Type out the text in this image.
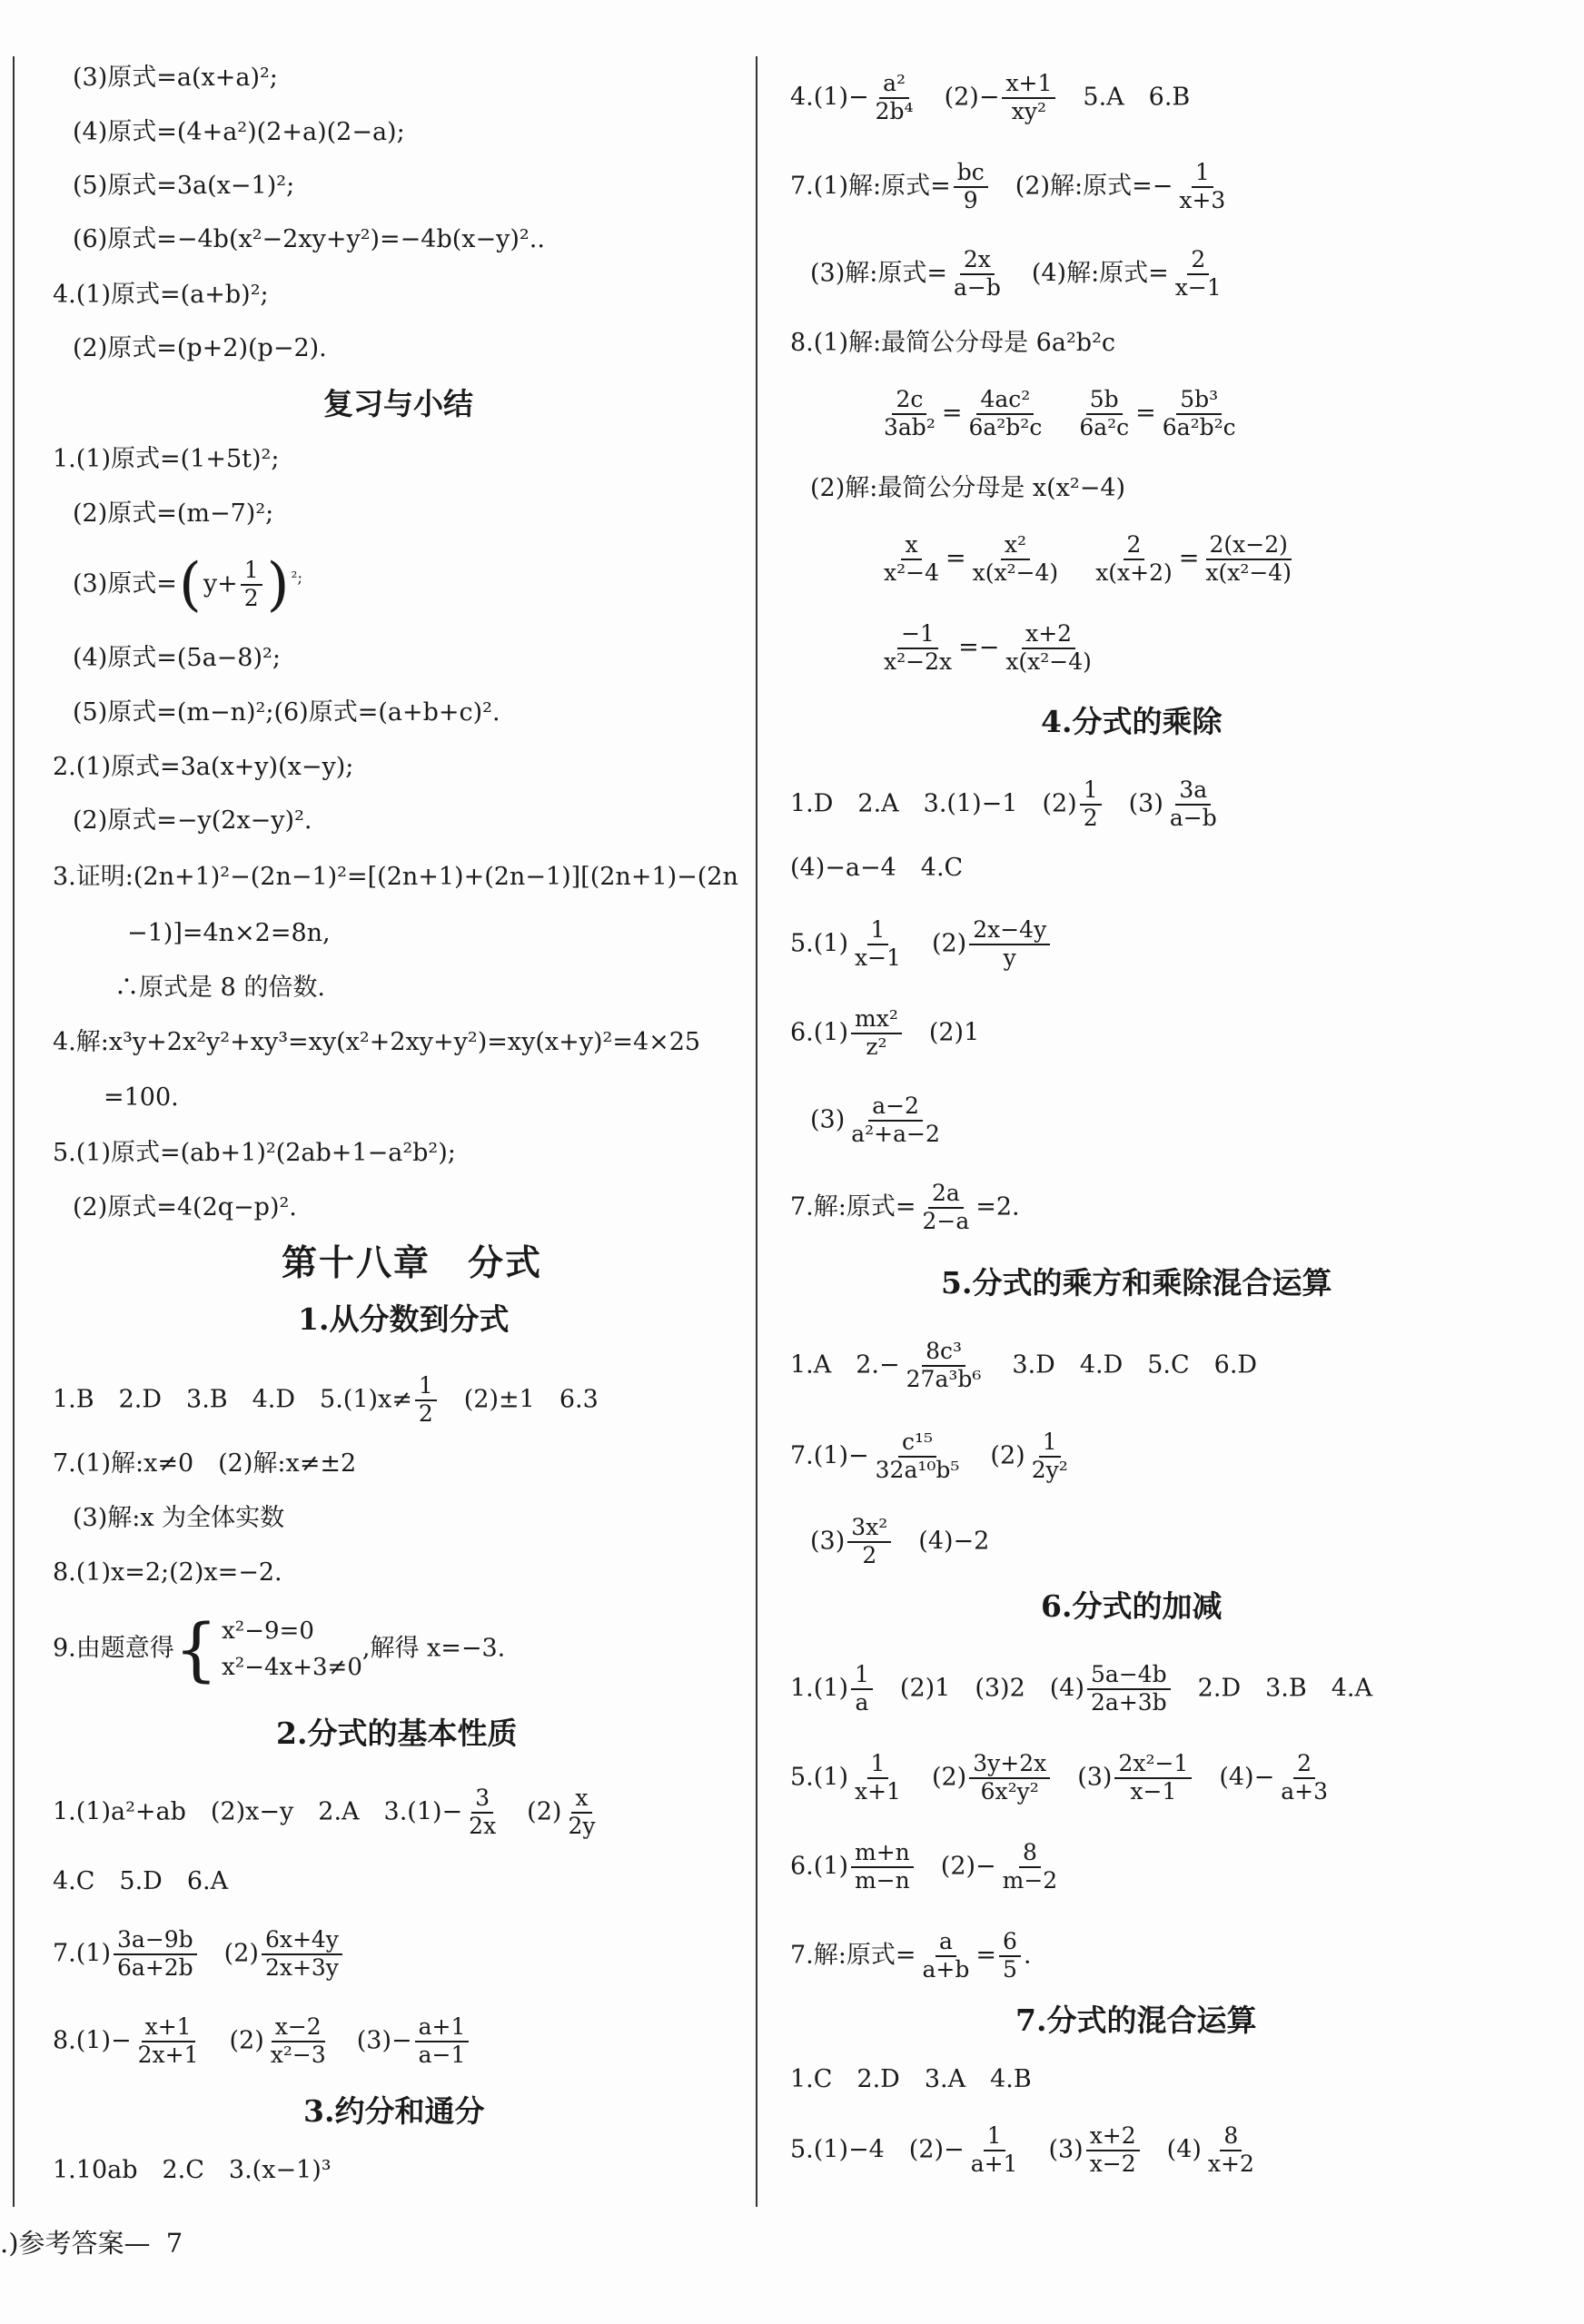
(3)原式=a(x+a)²;
(4)原式=(4+a²)(2+a)(2−a);
(5)原式=3a(x−1)²;
(6)原式=−4b(x²−2xy+y²)=−4b(x−y)²..
4.(1)原式=(a+b)²;
(2)原式=(p+2)(p−2).
复习与小结
1.(1)原式=(1+5t)²;
(2)原式=(m−7)²;
(3)原式$=(y+ \frac{1}{2}$ ) $^{^2;}$
(4)原式=(5a−8)²;
(5)原式=(m−n)²;(6)原式=(a+b+c)².
2.(1)原式=3a(x+y)(x−y);
(2)原式=−y(2x−y)².
3.证明:(2n+1)²−(2n−1)²=[(2n+1)+(2n−1)][(2n+1)−(2n
−1)]=4n×2=8n,
∴原式是 8 的倍数.
4.解:x³y+2x²y²+xy³=xy(x²+2xy+y²)=xy(x+y)²=4×25
=100.
5.(1)原式=(ab+1)²(2ab+1−a²b²);
(2)原式=4(2q−p)².
第十八章　分式
1.从分数到分式
1.B　2.D　3.B　4.D　$5.(1)x\ne \frac{1}{2}$ 　(2)±1　6.3
7.(1)解:x≠0　(2)解:x≠±2
(3)解:x 为全体实数
8.(1)x=2;(2)x=−2.
9.由题意得 { x²−9=0
x²−4x+3≠0
,解得 x=−3.
2.分式的基本性质
1.(1)a²+ab　(2)x−y　2.A　$3.(1)- \frac{3}{2x}$ 　$(2) \frac{x}{2y}$
4.C　5.D　6.A
$7.(1) \frac{3a-9b}{6a+2b}$ 　$(2) \frac{6x+4y}{2x+3y}$
$8.(1)- \frac{x+1}{2x+1}$ 　$(2) \frac{x-2}{\text{x²−3}}$ 　$(3)- \frac{a+1}{a-1}$
3.约分和通分
1.10ab　2.C　3.(x−1)³
$4.(1)- \frac{\text{a²}}{\text{2b⁴}}$ 　$(2)- \frac{x+1}{\text{xy²}}$ 　5.A　6.B
7.(1)解:原式= $\frac{bc}{9}$ 　(2)解:原式=− $\frac{1}{x+3}$
(3)解:原式= $\frac{2x}{a-b}$ 　(4)解:原式= $\frac{2}{x-1}$
8.(1)解:最简公分母是 6a²b²c
$\frac{2c}{\text{3ab²}} = \frac{\text{4ac²}}{\text{6a²b²c}}$
　 $\frac{5b}{\text{6a²c}} = \frac{\text{5b³}}{\text{6a²b²c}}$
(2)解:最简公分母是 x(x²−4)
$\frac{x}{\text{x²−4}} = \frac{\text{x²}}{\text{x(x²−4)}}$
　 $\frac{2}{x(x+2)} = \frac{2(x-2)}{\text{x(x²−4)}}$
$\frac{-1}{\text{x²−2x}} =- \frac{x+2}{\text{x(x²−4)}}$
4.分式的乘除
1.D　2.A　3.(1)−1　$(2) \frac{1}{2}$ 　$(3) \frac{3a}{a-b}$
(4)−a−4　4.C
$5.(1) \frac{1}{x-1}$ 　$(2) \frac{2x-4y}{y}$
$6.(1) \frac{\text{mx²}}{\text{z²}}$ 　(2)1
$(3) \frac{a-2}{\text{a²+a−2}}$
7.解:原式= $\frac{2a}{2-a} =2$.
5.分式的乘方和乘除混合运算
1.A　$2.- \frac{\text{8c³}}{\text{27a³b⁶}}$ 　3.D　4.D　5.C　6.D
$7.(1)- \frac{\text{c¹⁵}}{\text{32a¹⁰b⁵}}$ 　$(2) \frac{1}{\text{2y²}}$
$(3) \frac{\text{3x²}}{2}$ 　(4)−2
6.分式的加减
$1.(1) \frac{1}{a}$ 　(2)1　(3)2　$(4) \frac{5a-4b}{2a+3b}$ 　2.D　3.B　4.A
$5.(1) \frac{1}{x+1}$ 　$(2) \frac{3y+2x}{\text{6x²y²}}$ 　$(3) \frac{\text{2x²−1}}{x-1}$ 　$(4)- \frac{2}{a+3}$
$6.(1) \frac{m+n}{m-n}$ 　$(2)- \frac{8}{m-2}$
7.解:原式= $\frac{a}{a+b} = \frac{6}{5}$ .
7.分式的混合运算
1.C　2.D　3.A　4.B
5.(1)−4　$(2)- \frac{1}{a+1}$ 　$(3) \frac{x+2}{x-2}$ 　$(4) \frac{8}{x+2}$
.)参考答案— 7
